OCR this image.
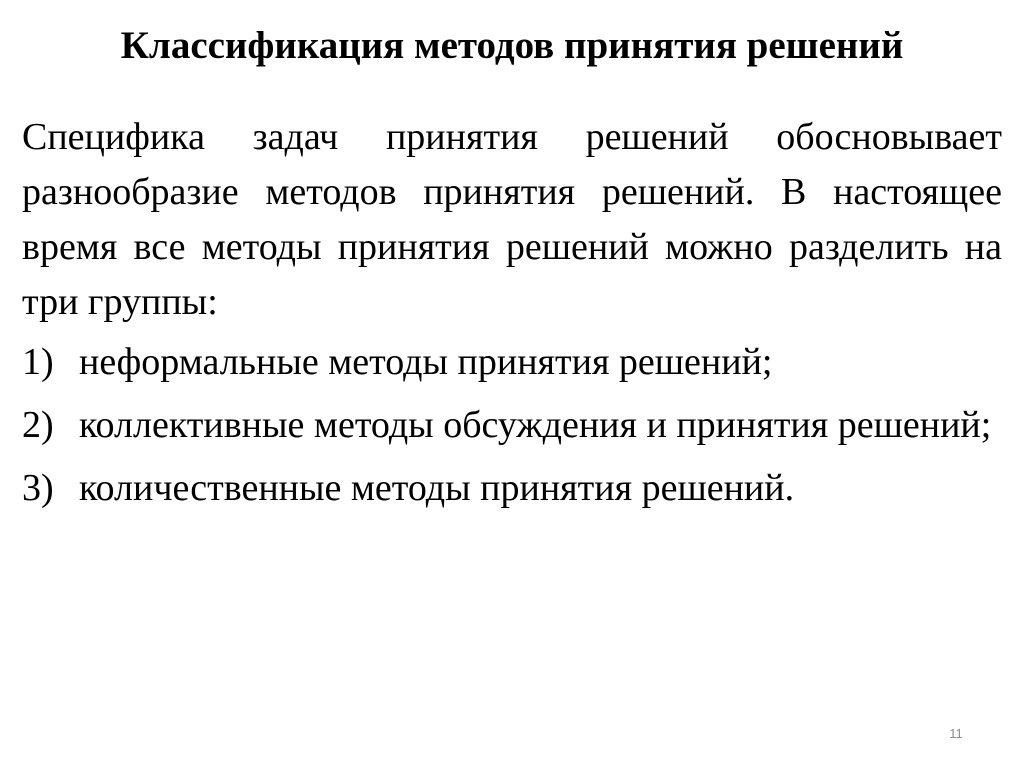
Классификация методов принятия решений

Специфика задач принятия решений обосновывает разнообразие методов принятия решений. В настоящее время все методы принятия решений можно разделить на три группы:

1) неформальные методы принятия решений;
2) коллективные методы обсуждения и принятия решений;
3) количественные методы принятия решений.
11
